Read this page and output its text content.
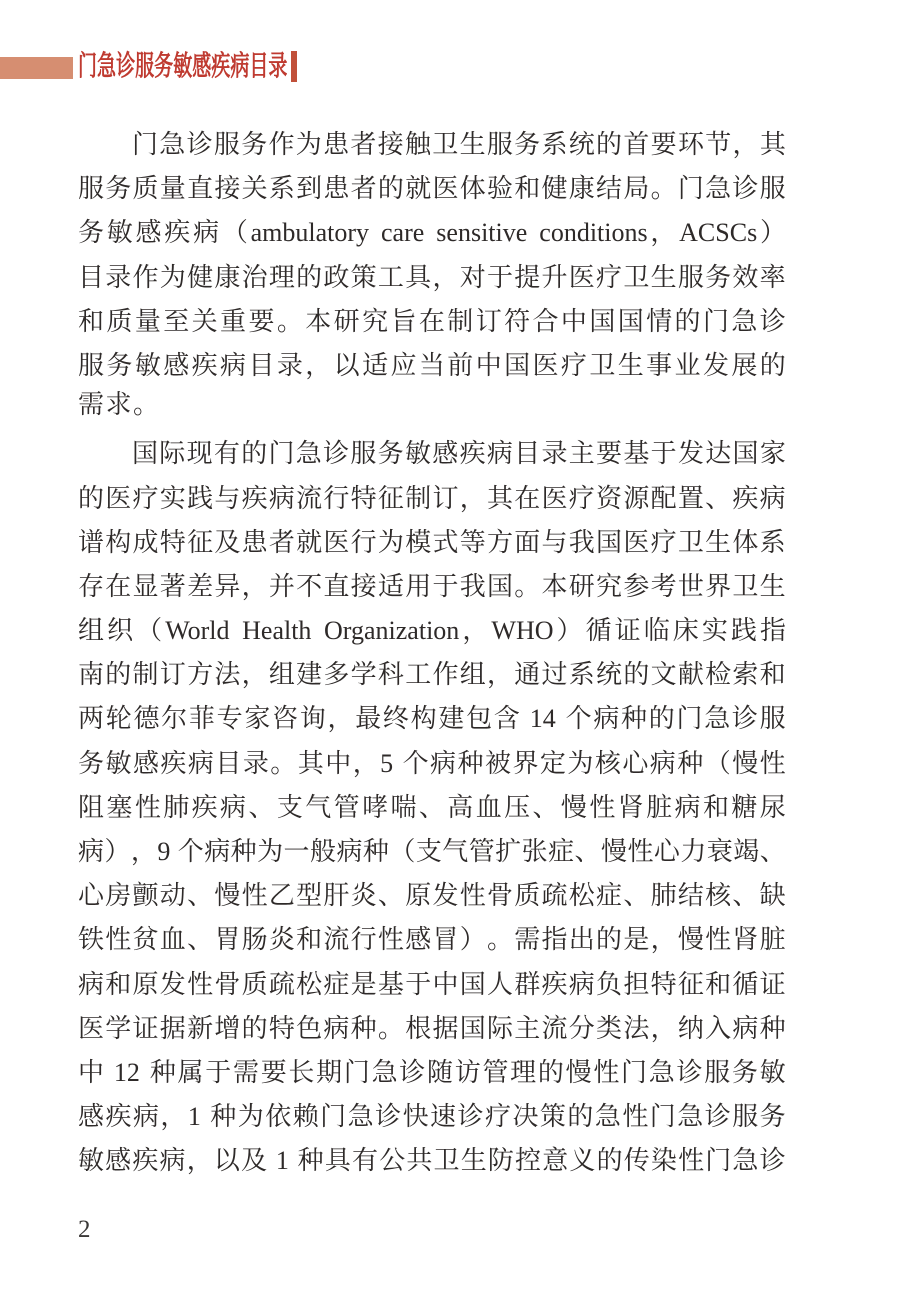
门急诊服务敏感疾病目录
门 急 诊 服 务 作 为 患 者 接 触 卫 生 服 务 系 统 的 首 要 环 节 ， 其
服 务 质 量 直 接 关 系 到 患 者 的 就 医 体 验 和 健 康 结 局 。 门 急 诊 服
务 敏 感 疾 病 （ ambulatory
care
sensitive
conditions ， ACSCs ）
目 录 作 为 健 康 治 理 的 政 策 工 具 ， 对 于 提 升 医 疗 卫 生 服 务 效 率
和 质 量 至 关 重 要 。 本 研 究 旨 在 制 订 符 合 中 国 国 情 的 门 急 诊
服 务 敏 感 疾 病 目 录 ， 以 适 应 当 前 中 国 医 疗 卫 生 事 业 发 展 的
需求。
国 际 现 有 的 门 急 诊 服 务 敏 感 疾 病 目 录 主 要 基 于 发 达 国 家
的 医 疗 实 践 与 疾 病 流 行 特 征 制 订 ， 其 在 医 疗 资 源 配 置 、 疾 病
谱 构 成 特 征 及 患 者 就 医 行 为 模 式 等 方 面 与 我 国 医 疗 卫 生 体 系
存 在 显 著 差 异 ， 并 不 直 接 适 用 于 我 国 。 本 研 究 参 考 世 界 卫 生
组 织 （ World
Health
Organization ， WHO ） 循 证 临 床 实 践 指
南 的 制 订 方 法 ， 组 建 多 学 科 工 作 组 ， 通 过 系 统 的 文 献 检 索 和
两 轮 德 尔 菲 专 家 咨 询 ， 最 终 构 建 包 含
14
个 病 种 的 门 急 诊 服
务 敏 感 疾 病 目 录 。 其 中 ， 5
个 病 种 被 界 定 为 核 心 病 种 （ 慢 性
阻 塞 性 肺 疾 病 、 支 气 管 哮 喘 、 高 血 压 、 慢 性 肾 脏 病 和 糖 尿
病 ） ， 9
个 病 种 为 一 般 病 种 （ 支 气 管 扩 张 症 、 慢 性 心 力 衰 竭 、
心 房 颤 动 、 慢 性 乙 型 肝 炎 、 原 发 性 骨 质 疏 松 症 、 肺 结 核 、 缺
铁 性 贫 血 、 胃 肠 炎 和 流 行 性 感 冒 ） 。 需 指 出 的 是 ， 慢 性 肾 脏
病 和 原 发 性 骨 质 疏 松 症 是 基 于 中 国 人 群 疾 病 负 担 特 征 和 循 证
医 学 证 据 新 增 的 特 色 病 种 。 根 据 国 际 主 流 分 类 法 ， 纳 入 病 种
中
12
种 属 于 需 要 长 期 门 急 诊 随 访 管 理 的 慢 性 门 急 诊 服 务 敏
感 疾 病 ， 1
种 为 依 赖 门 急 诊 快 速 诊 疗 决 策 的 急 性 门 急 诊 服 务
敏 感 疾 病 ， 以 及
1
种 具 有 公 共 卫 生 防 控 意 义 的 传 染 性 门 急 诊
2
